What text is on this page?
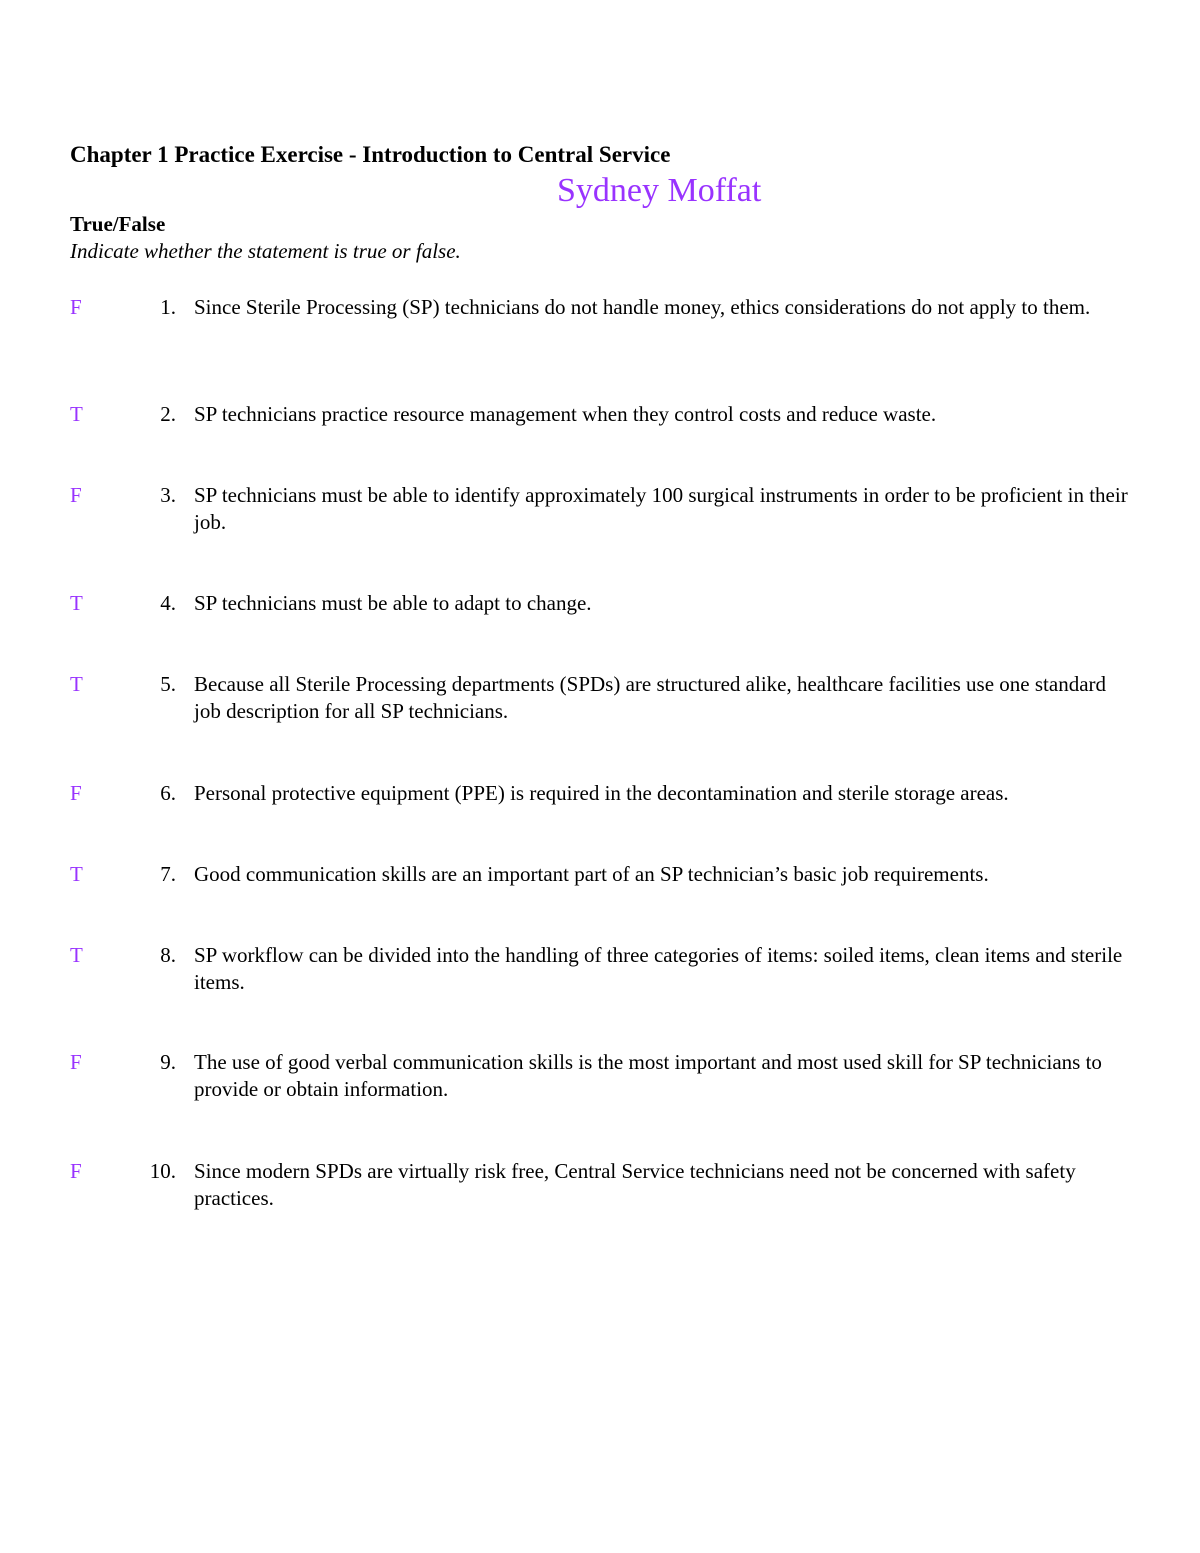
Chapter 1 Practice Exercise - Introduction to Central Service
Sydney Moffat
True/False
Indicate whether the statement is true or false.
F	1. Since Sterile Processing (SP) technicians do not handle money, ethics considerations do not apply to them.
T	2. SP technicians practice resource management when they control costs and reduce waste.
F	3. SP technicians must be able to identify approximately 100 surgical instruments in order to be proficient in their job.
T	4. SP technicians must be able to adapt to change.
T	5. Because all Sterile Processing departments (SPDs) are structured alike, healthcare facilities use one standard job description for all SP technicians.
F	6. Personal protective equipment (PPE) is required in the decontamination and sterile storage areas.
T	7. Good communication skills are an important part of an SP technician’s basic job requirements.
T	8. SP workflow can be divided into the handling of three categories of items: soiled items, clean items and sterile items.
F	9. The use of good verbal communication skills is the most important and most used skill for SP technicians to provide or obtain information.
F	10. Since modern SPDs are virtually risk free, Central Service technicians need not be concerned with safety practices.
